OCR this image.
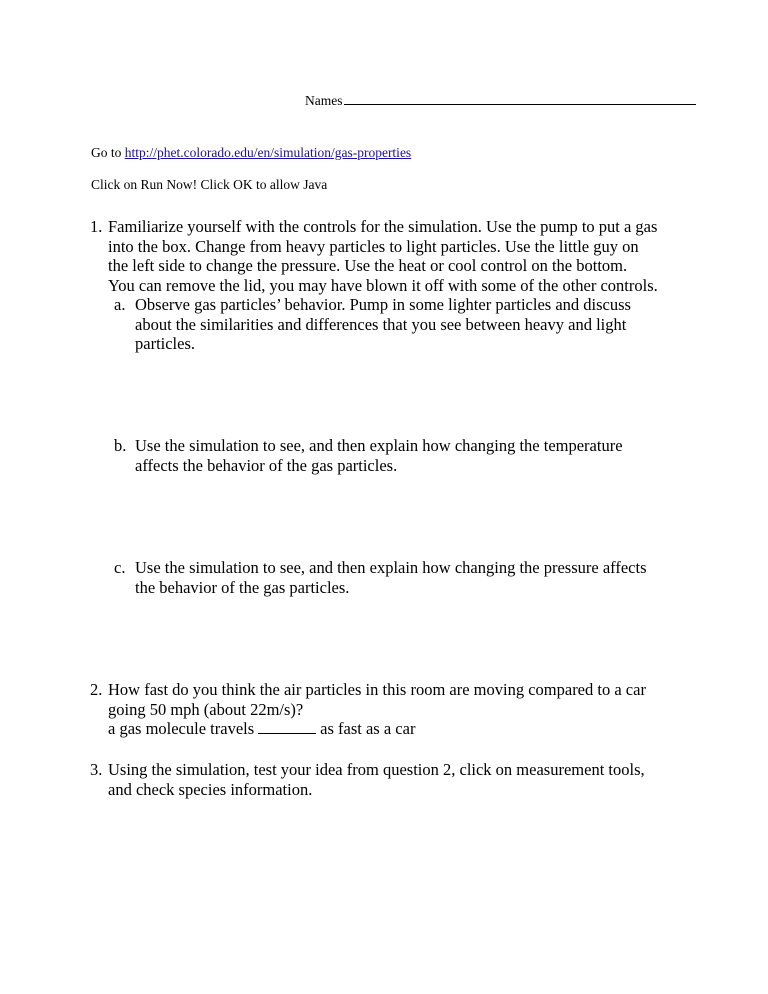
Names
Go to http://phet.colorado.edu/en/simulation/gas-properties
Click on Run Now! Click OK to allow Java
1. Familiarize yourself with the controls for the simulation. Use the pump to put a gas
into the box. Change from heavy particles to light particles. Use the little guy on
the left side to change the pressure. Use the heat or cool control on the bottom.
You can remove the lid, you may have blown it off with some of the other controls.
a. Observe gas particles’ behavior. Pump in some lighter particles and discuss
about the similarities and differences that you see between heavy and light
particles.
b. Use the simulation to see, and then explain how changing the temperature
affects the behavior of the gas particles.
c. Use the simulation to see, and then explain how changing the pressure affects
the behavior of the gas particles.
2. How fast do you think the air particles in this room are moving compared to a car
going 50 mph (about 22m/s)?
a gas molecule travels	as fast as a car
3. Using the simulation, test your idea from question 2, click on measurement tools,
and check species information.
